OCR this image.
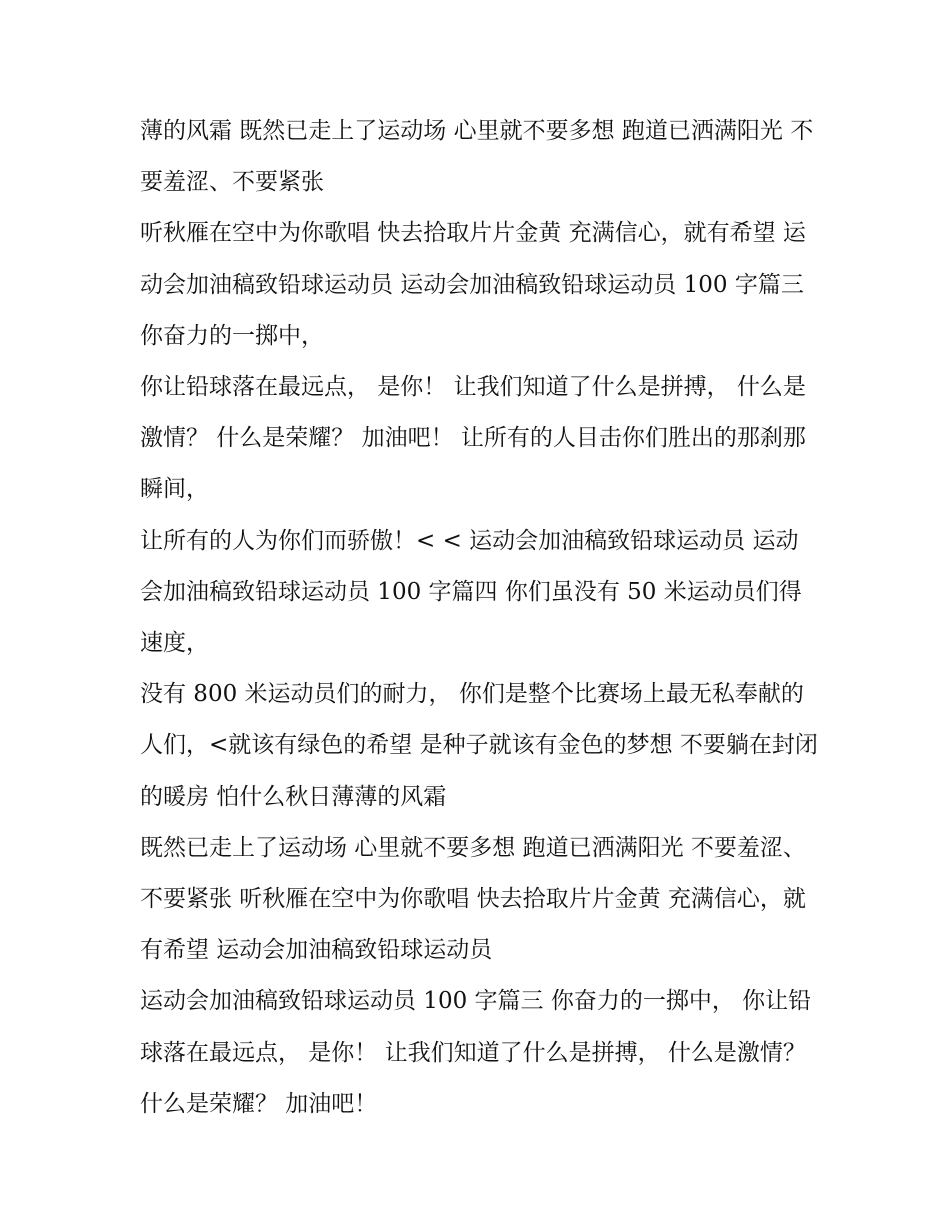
薄的风霜 既然已走上了运动场 心里就不要多想 跑道已洒满阳光 不要羞涩、不要紧张

听秋雁在空中为你歌唱 快去拾取片片金黄 充满信心，就有希望 运动会加油稿致铅球运动员 运动会加油稿致铅球运动员 100 字篇三 你奋力的一掷中，

你让铅球落在最远点， 是你！ 让我们知道了什么是拼搏， 什么是激情？ 什么是荣耀？ 加油吧！ 让所有的人目击你们胜出的那刹那瞬间，

让所有的人为你们而骄傲！< < 运动会加油稿致铅球运动员 运动会加油稿致铅球运动员 100 字篇四 你们虽没有 50 米运动员们得速度，

没有 800 米运动员们的耐力， 你们是整个比赛场上最无私奉献的人们，<就该有绿色的希望 是种子就该有金色的梦想 不要躺在封闭的暖房 怕什么秋日薄薄的风霜

既然已走上了运动场 心里就不要多想 跑道已洒满阳光 不要羞涩、不要紧张 听秋雁在空中为你歌唱 快去拾取片片金黄 充满信心，就有希望 运动会加油稿致铅球运动员

运动会加油稿致铅球运动员 100 字篇三 你奋力的一掷中， 你让铅球落在最远点， 是你！ 让我们知道了什么是拼搏， 什么是激情？ 什么是荣耀？ 加油吧！
